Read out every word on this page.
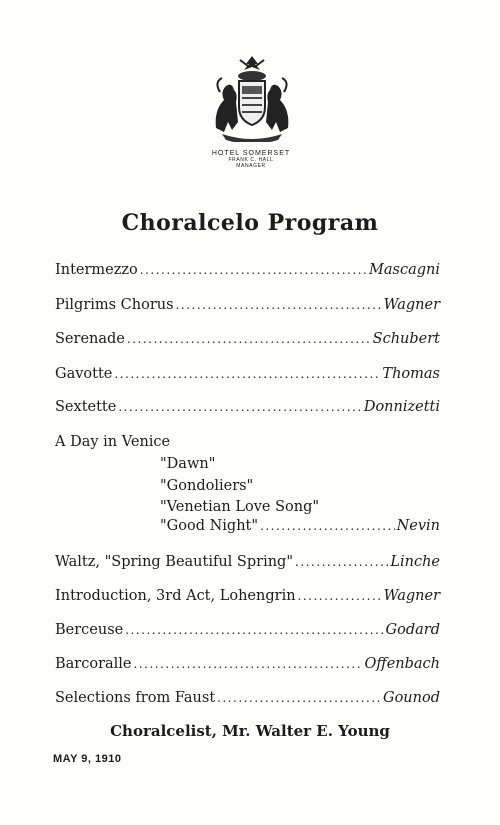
HOTEL SOMERSET
FRANK C. HALL
MANAGER
Choralcelo Program
Intermezzo .....	Mascagni
Pilgrims Chorus .....	Wagner
Serenade .....	Schubert
Gavotte .....	Thomas
Sextette .....	Donnizetti
A Day in Venice
"Dawn"
"Gondoliers"
"Venetian Love Song"
"Good Night" .....	Nevin
Waltz, "Spring Beautiful Spring" .....	Linche
Introduction, 3rd Act, Lohengrin .....	Wagner
Berceuse .....	Godard
Barcoralle .....	Offenbach
Selections from Faust .....	Gounod
Choralcelist, Mr. Walter E. Young
MAY 9, 1910
